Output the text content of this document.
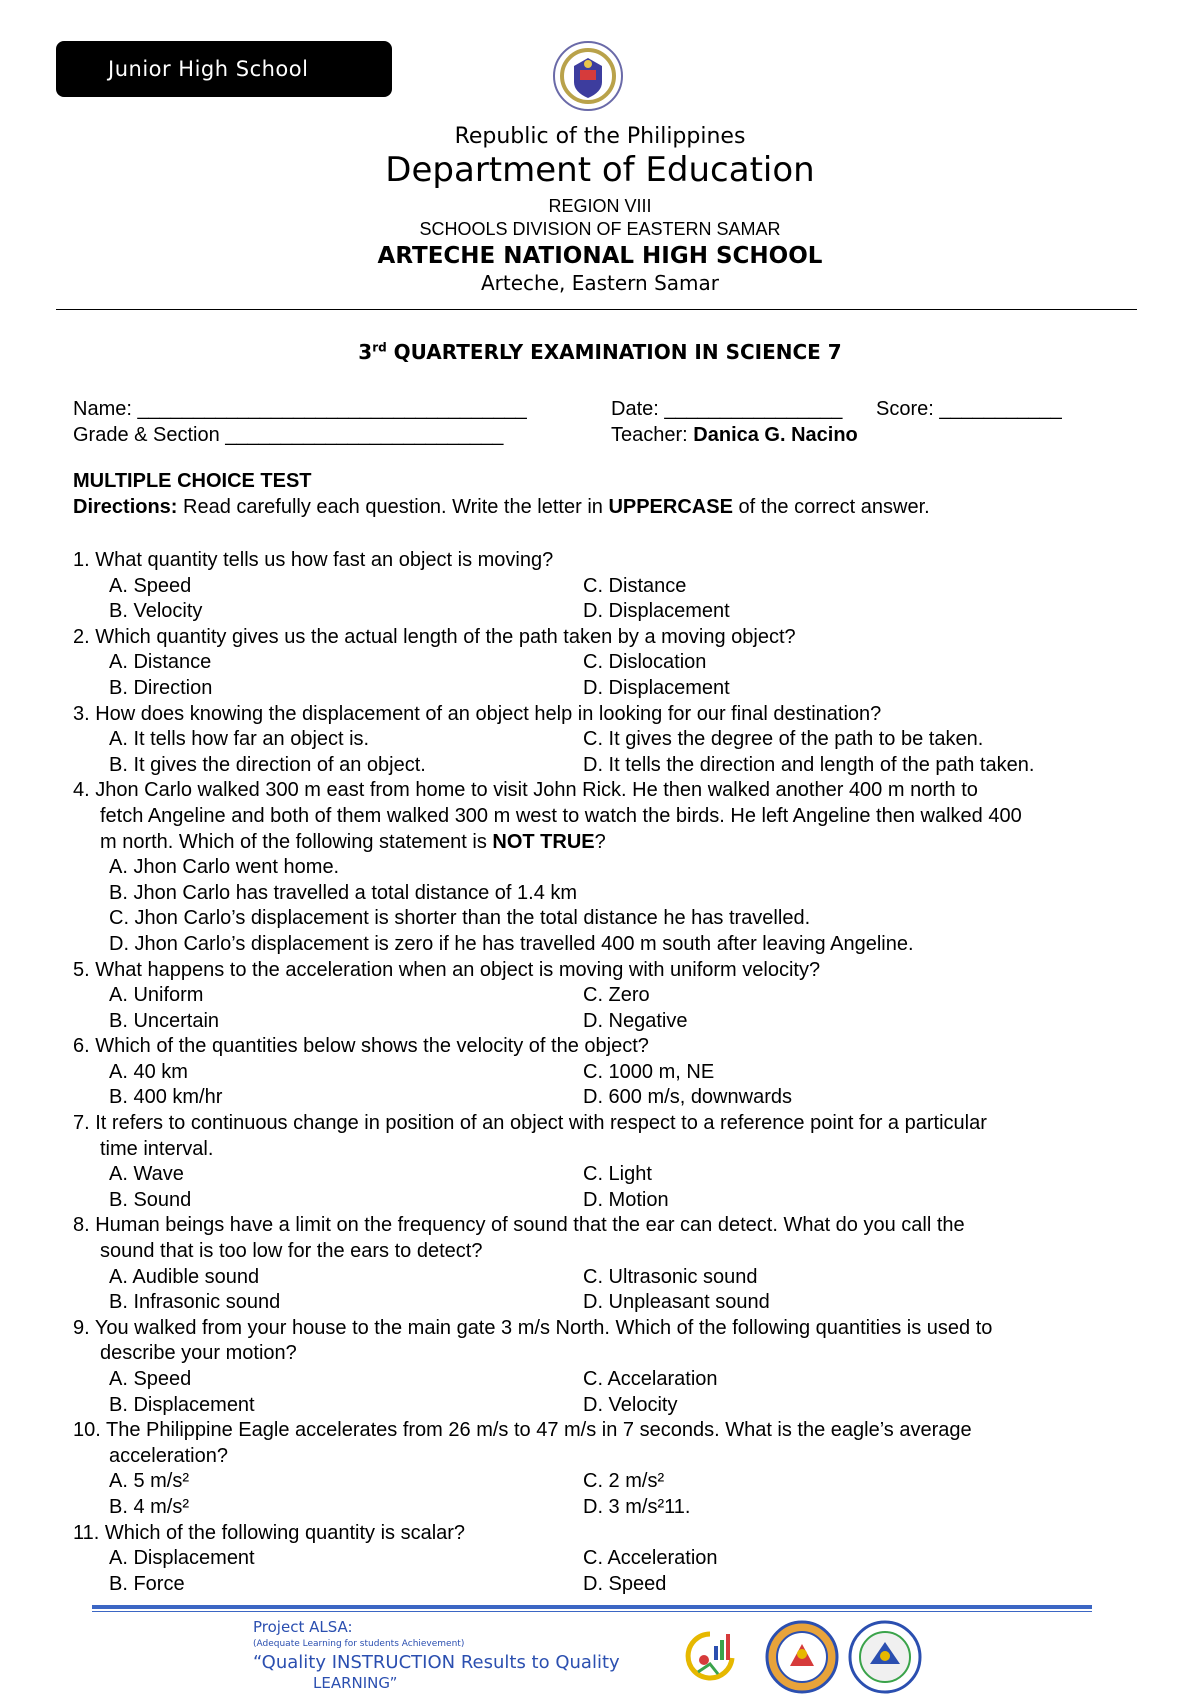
Junior High School
Republic of the Philippines
Department of Education
REGION VIII
SCHOOLS DIVISION OF EASTERN SAMAR
ARTECHE NATIONAL HIGH SCHOOL
Arteche, Eastern Samar
3rd QUARTERLY EXAMINATION IN SCIENCE 7
Name: ___________________________________	Date: ________________ Score: ___________
Grade & Section _________________________	Teacher: Danica G. Nacino
MULTIPLE CHOICE TEST
Directions: Read carefully each question. Write the letter in UPPERCASE of the correct answer.
1. What quantity tells us how fast an object is moving?
A. Speed	C. Distance
B. Velocity	D. Displacement
2. Which quantity gives us the actual length of the path taken by a moving object?
A. Distance	C. Dislocation
B. Direction	D. Displacement
3. How does knowing the displacement of an object help in looking for our final destination?
A. It tells how far an object is.	C. It gives the degree of the path to be taken.
B. It gives the direction of an object.	D. It tells the direction and length of the path taken.
4. Jhon Carlo walked 300 m east from home to visit John Rick. He then walked another 400 m north to
fetch Angeline and both of them walked 300 m west to watch the birds. He left Angeline then walked 400
m north. Which of the following statement is NOT TRUE?
A. Jhon Carlo went home.
B. Jhon Carlo has travelled a total distance of 1.4 km
C. Jhon Carlo’s displacement is shorter than the total distance he has travelled.
D. Jhon Carlo’s displacement is zero if he has travelled 400 m south after leaving Angeline.
5. What happens to the acceleration when an object is moving with uniform velocity?
A. Uniform	C. Zero
B. Uncertain	D. Negative
6. Which of the quantities below shows the velocity of the object?
A. 40 km	C. 1000 m, NE
B. 400 km/hr	D. 600 m/s, downwards
7. It refers to continuous change in position of an object with respect to a reference point for a particular
time interval.
A. Wave	C. Light
B. Sound	D. Motion
8. Human beings have a limit on the frequency of sound that the ear can detect. What do you call the
sound that is too low for the ears to detect?
A. Audible sound	C. Ultrasonic sound
B. Infrasonic sound	D. Unpleasant sound
9. You walked from your house to the main gate 3 m/s North. Which of the following quantities is used to
describe your motion?
A. Speed	C. Accelaration
B. Displacement	D. Velocity
10. The Philippine Eagle accelerates from 26 m/s to 47 m/s in 7 seconds. What is the eagle’s average
acceleration?
A. 5 m/s²	C. 2 m/s²
B. 4 m/s²	D. 3 m/s²11.
11. Which of the following quantity is scalar?
A. Displacement	C. Acceleration
B. Force	D. Speed
Project ALSA:
(Adequate Learning for students Achievement)
“Quality INSTRUCTION Results to Quality
LEARNING”
